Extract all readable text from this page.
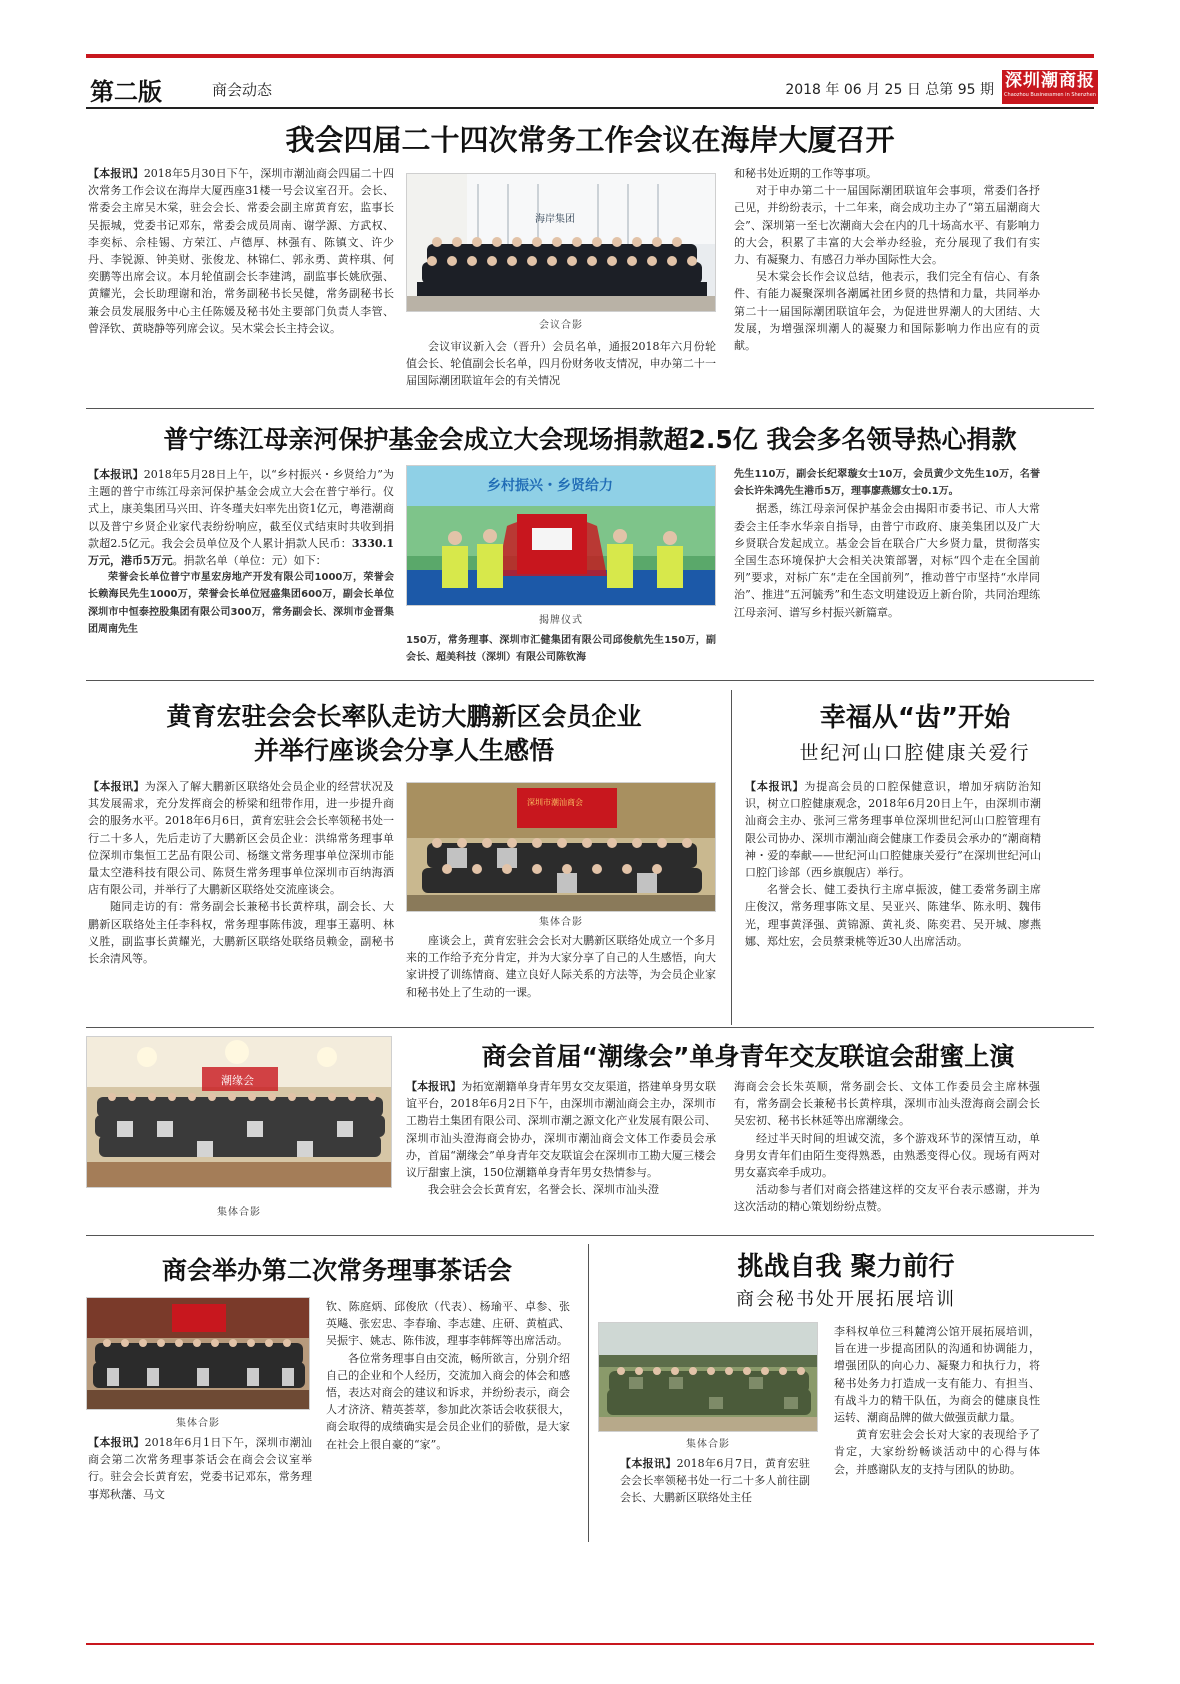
第二版	商会动态	2018 年 06 月 25 日 总第 95 期 深圳潮商报
Chaozhou Businessmen in Shenzhen
我会四届二十四次常务工作会议在海岸大厦召开
【本报讯】2018年5月30日下午，深圳市潮汕商会四届二十四次常务工作会议在海岸大厦西座31楼一号会议室召开。会长、常委会主席吴木棠，驻会会长、常委会副主席黄育宏，监事长吴振城，党委书记邓东，常委会成员周南、谢学源、方武权、李奕标、佘桂锡、方荣江、卢德厚、林强有、陈镇文、许少丹、李锐源、钟美财、张俊龙、林锦仁、郭永勇、黄梓琪、何奕鹏等出席会议。本月轮值副会长李建鸿，副监事长姚欣强、黄耀光，会长助理谢和治，常务副秘书长吴健，常务副秘书长兼会员发展服务中心主任陈媛及秘书处主要部门负责人李管、曾泽钦、黄晓静等列席会议。吴木棠会长主持会议。
海岸集团
会议合影

会议审议新入会（晋升）会员名单，通报2018年六月份轮值会长、轮值副会长名单，四月份财务收支情况，申办第二十一届国际潮团联谊年会的有关情况

和秘书处近期的工作等事项。

对于申办第二十一届国际潮团联谊年会事项，常委们各抒己见，并纷纷表示，十二年来，商会成功主办了“第五届潮商大会”、深圳第一至七次潮商大会在内的几十场高水平、有影响力的大会，积累了丰富的大会举办经验，充分展现了我们有实力、有凝聚力、有感召力举办国际性大会。

吴木棠会长作会议总结，他表示，我们完全有信心、有条件、有能力凝聚深圳各潮属社团乡贤的热情和力量，共同举办第二十一届国际潮团联谊年会，为促进世界潮人的大团结、大发展，为增强深圳潮人的凝聚力和国际影响力作出应有的贡献。

普宁练江母亲河保护基金会成立大会现场捐款超2.5亿 我会多名领导热心捐款
【本报讯】2018年5月28日上午，以“乡村振兴・乡贤给力”为主题的普宁市练江母亲河保护基金会成立大会在普宁举行。仪式上，康美集团马兴田、许冬瑾夫妇率先出资1亿元，粤港潮商以及普宁乡贤企业家代表纷纷响应，截至仪式结束时共收到捐款超2.5亿元。我会会员单位及个人累计捐款人民币：3330.1万元，港币5万元。捐款名单（单位：元）如下：

荣誉会长单位普宁市星宏房地产开发有限公司1000万，荣誉会长赖海民先生1000万，荣誉会长单位冠盛集团600万，副会长单位深圳市中恒泰控股集团有限公司300万，常务副会长、深圳市金晋集团周南先生

乡村振兴・乡贤给力
揭牌仪式
150万，常务理事、深圳市汇健集团有限公司邱俊航先生150万，副会长、超美科技（深圳）有限公司陈钦海
先生110万，副会长纪翠璇女士10万，会员黄少文先生10万，名誉会长许朱鸿先生港币5万，理事廖燕娜女士0.1万。

据悉，练江母亲河保护基金会由揭阳市委书记、市人大常委会主任李水华亲自指导，由普宁市政府、康美集团以及广大乡贤联合发起成立。基金会旨在联合广大乡贤力量，贯彻落实全国生态环境保护大会相关决策部署，对标“四个走在全国前列”要求，对标广东“走在全国前列”，推动普宁市坚持“水岸同治”、推进“五河毓秀”和生态文明建设迈上新台阶，共同治理练江母亲河、谱写乡村振兴新篇章。

黄育宏驻会会长率队走访大鹏新区会员企业
并举行座谈会分享人生感悟
【本报讯】为深入了解大鹏新区联络处会员企业的经营状况及其发展需求，充分发挥商会的桥梁和纽带作用，进一步提升商会的服务水平。2018年6月6日，黄育宏驻会会长率领秘书处一行二十多人，先后走访了大鹏新区会员企业：洪绵常务理事单位深圳市集恒工艺品有限公司、杨继文常务理事单位深圳市能量太空港科技有限公司、陈贤生常务理事单位深圳市百纳海酒店有限公司，并举行了大鹏新区联络处交流座谈会。

随同走访的有：常务副会长兼秘书长黄梓琪，副会长、大鹏新区联络处主任李科权，常务理事陈伟波，理事王嘉明、林义胜，副监事长黄耀光，大鹏新区联络处联络员赖金，副秘书长余清风等。

深圳市潮汕商会
集体合影

座谈会上，黄育宏驻会会长对大鹏新区联络处成立一个多月来的工作给予充分肯定，并为大家分享了自己的人生感悟，向大家讲授了训练情商、建立良好人际关系的方法等，为会员企业家和秘书处上了生动的一课。

幸福从“齿”开始
世纪河山口腔健康关爱行
【本报讯】为提高会员的口腔保健意识，增加牙病防治知识，树立口腔健康观念，2018年6月20日上午，由深圳市潮汕商会主办、张河三常务理事单位深圳世纪河山口腔管理有限公司协办、深圳市潮汕商会健康工作委员会承办的“潮商精神・爱的奉献——世纪河山口腔健康关爱行”在深圳世纪河山口腔门诊部（西乡旗舰店）举行。

名誉会长、健工委执行主席卓振波，健工委常务副主席庄俊汉，常务理事陈文星、吴亚兴、陈建华、陈永明、魏伟光，理事黄泽强、黄锦源、黄礼炎、陈奕君、吴开城、廖燕娜、郑灶宏，会员蔡秉桃等近30人出席活动。

潮缘会
集体合影
商会首届“潮缘会”单身青年交友联谊会甜蜜上演
【本报讯】为拓宽潮籍单身青年男女交友渠道，搭建单身男女联谊平台，2018年6月2日下午，由深圳市潮汕商会主办，深圳市工勘岩土集团有限公司、深圳市潮之源文化产业发展有限公司、深圳市汕头澄海商会协办，深圳市潮汕商会文体工作委员会承办，首届“潮缘会”单身青年交友联谊会在深圳市工勘大厦三楼会议厅甜蜜上演，150位潮籍单身青年男女热情参与。

我会驻会会长黄育宏，名誉会长、深圳市汕头澄

海商会会长朱英顺，常务副会长、文体工作委员会主席林强有，常务副会长兼秘书长黄梓琪，深圳市汕头澄海商会副会长吴宏初、秘书长林延等出席潮缘会。

经过半天时间的坦诚交流，多个游戏环节的深情互动，单身男女青年们由陌生变得熟悉，由熟悉变得心仪。现场有两对男女嘉宾牵手成功。

活动参与者们对商会搭建这样的交友平台表示感谢，并为这次活动的精心策划纷纷点赞。

商会举办第二次常务理事茶话会
集体合影
【本报讯】2018年6月1日下午，深圳市潮汕商会第二次常务理事茶话会在商会会议室举行。驻会会长黄育宏，党委书记邓东，常务理事郑秋藩、马文
钦、陈庭炳、邱俊欣（代表）、杨瑜平、卓参、张英飚、张宏忠、李春瑜、李志建、庄研、黄植武、吴振宇、姚志、陈伟波，理事李韩辉等出席活动。

各位常务理事自由交流，畅所欲言，分别介绍自己的企业和个人经历，交流加入商会的体会和感悟，表达对商会的建议和诉求，并纷纷表示，商会人才济济、精英荟萃，参加此次茶话会收获很大，商会取得的成绩确实是会员企业们的骄傲，是大家在社会上很自豪的“家”。

挑战自我 聚力前行
商会秘书处开展拓展培训
集体合影
【本报讯】2018年6月7日，黄育宏驻会会长率领秘书处一行二十多人前往副会长、大鹏新区联络处主任
李科权单位三科麓湾公馆开展拓展培训，旨在进一步提高团队的沟通和协调能力，增强团队的向心力、凝聚力和执行力，将秘书处务力打造成一支有能力、有担当、有战斗力的精干队伍，为商会的健康良性运转、潮商品牌的做大做强贡献力量。

黄育宏驻会会长对大家的表现给予了肯定，大家纷纷畅谈活动中的心得与体会，并感谢队友的支持与团队的协助。
